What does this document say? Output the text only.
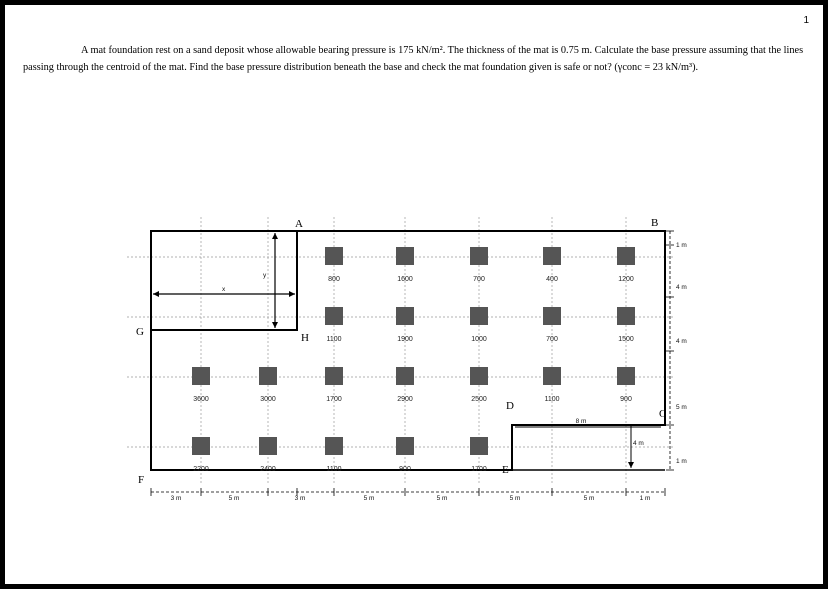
1

A mat foundation rest on a sand deposit whose allowable bearing pressure is 175 kN/m². The thickness of the mat is 0.75 m. Calculate the base pressure assuming that the lines passing through the centroid of the mat. Find the base pressure distribution beneath the base and check the mat foundation given is safe or not? (γconc = 23 kN/m³).

800	1600	700	400	1200
1100	1900	1000	700	1500
3600	3000	1700	2900	2500	1100	900
2200	2400	1100	900	1700
A	B
C
D
E
F
G	H
x
y
3 m	5 m	3 m	5 m	5 m	5 m	5 m	1 m
1 m
4 m
4 m
5 m
1 m
8 m
4 m
